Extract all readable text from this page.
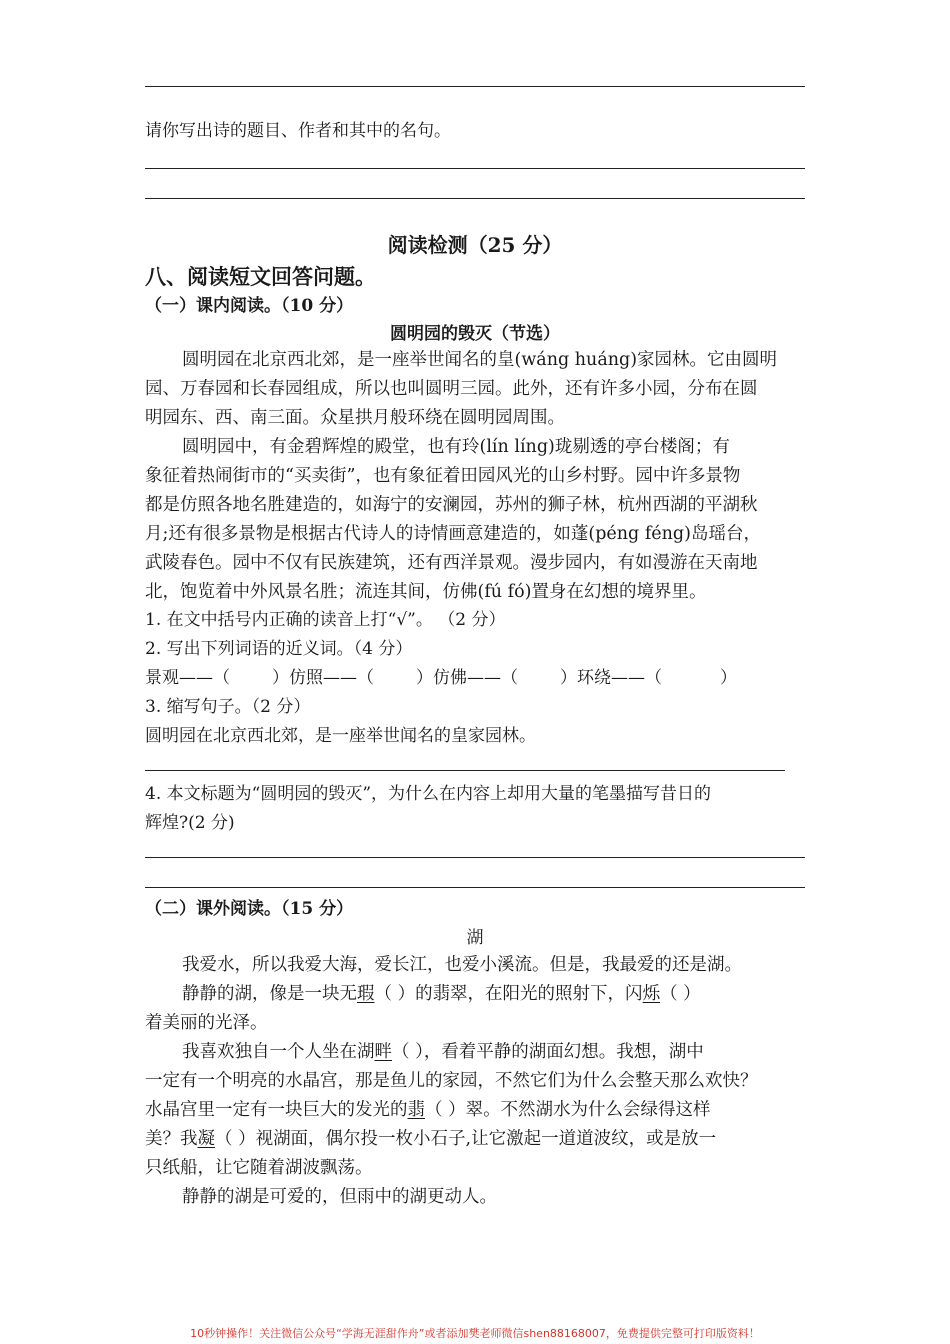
请你写出诗的题目、作者和其中的名句。
阅读检测（25 分）
八、阅读短文回答问题。
（一）课内阅读。（10 分）
圆明园的毁灭（节选）
圆明园在北京西北郊，是一座举世闻名的皇(wáng huáng)家园林。它由圆明
园、万春园和长春园组成，所以也叫圆明三园。此外，还有许多小园，分布在圆
明园东、西、南三面。众星拱月般环绕在圆明园周围。
圆明园中，有金碧辉煌的殿堂，也有玲(lín líng)珑剔透的亭台楼阁；有
象征着热闹街市的“买卖街”，也有象征着田园风光的山乡村野。园中许多景物
都是仿照各地名胜建造的，如海宁的安澜园，苏州的狮子林，杭州西湖的平湖秋
月;还有很多景物是根据古代诗人的诗情画意建造的，如蓬(péng féng)岛瑶台，
武陵春色。园中不仅有民族建筑，还有西洋景观。漫步园内，有如漫游在天南地
北，饱览着中外风景名胜；流连其间，仿佛(fú fó)置身在幻想的境界里。
1. 在文中括号内正确的读音上打“√”。 （2 分）
2. 写出下列词语的近义词。（4 分）
景观——（ ）仿照——（ ）仿佛——（ ）环绕——（	）
3. 缩写句子。（2 分）
圆明园在北京西北郊，是一座举世闻名的皇家园林。
4. 本文标题为“圆明园的毁灭”，为什么在内容上却用大量的笔墨描写昔日的
辉煌?(2 分)
（二）课外阅读。（15 分）
湖
我爱水，所以我爱大海，爱长江，也爱小溪流。但是，我最爱的还是湖。
静静的湖，像是一块无瑕（ ）的翡翠，在阳光的照射下，闪烁（ ）
着美丽的光泽。
我喜欢独自一个人坐在湖畔（ ），看着平静的湖面幻想。我想，湖中
一定有一个明亮的水晶宫，那是鱼儿的家园，不然它们为什么会整天那么欢快？
水晶宫里一定有一块巨大的发光的翡（ ）翠。不然湖水为什么会绿得这样
美？我凝（ ）视湖面，偶尔投一枚小石子,让它激起一道道波纹，或是放一
只纸船，让它随着湖波飘荡。
静静的湖是可爱的，但雨中的湖更动人。
10秒钟操作！关注微信公众号“学海无涯甜作舟”或者添加樊老师微信shen88168007，免费提供完整可打印版资料！
